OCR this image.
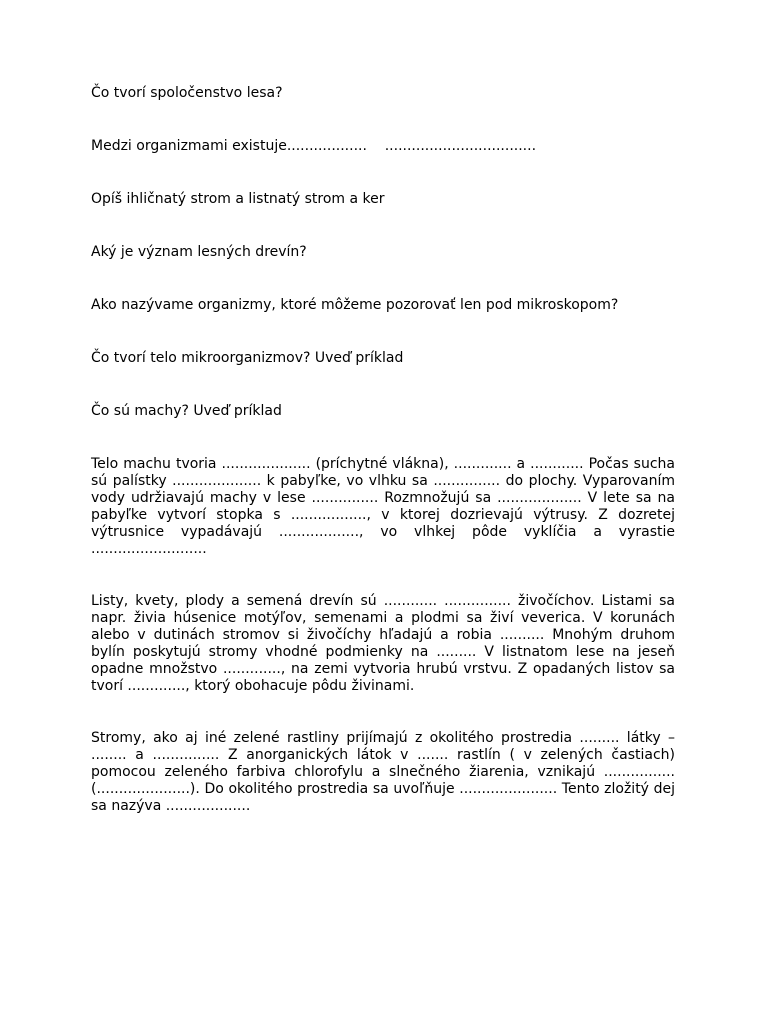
Čo tvorí spoločenstvo lesa?

Medzi organizmami existuje..................    ..................................

Opíš ihličnatý strom a listnatý strom a ker

Aký je význam lesných drevín?

Ako nazývame organizmy, ktoré môžeme pozorovať len pod mikroskopom?

Čo tvorí telo mikroorganizmov? Uveď príklad

Čo sú machy? Uveď príklad

Telo machu tvoria .................... (príchytné vlákna), ............. a ............ Počas sucha sú palístky .................... k pabyľke, vo vlhku sa ............... do plochy. Vyparovaním vody udržiavajú machy v lese ............... Rozmnožujú sa ................... V lete sa na pabyľke vytvorí stopka s ................., v ktorej dozrievajú výtrusy. Z dozretej výtrusnice vypadávajú .................., vo vlhkej pôde vyklíčia a vyrastie ..........................

Listy, kvety, plody a semená drevín sú ............ ............... živočíchov. Listami sa napr. živia húsenice motýľov, semenami a plodmi sa živí veverica. V korunách alebo v dutinách stromov si živočíchy hľadajú a robia .......... Mnohým druhom bylín poskytujú stromy vhodné podmienky na ......... V listnatom lese na jeseň opadne množstvo ............., na zemi vytvoria hrubú vrstvu. Z opadaných listov sa tvorí ............., ktorý obohacuje pôdu živinami.

Stromy, ako aj iné zelené rastliny prijímajú z okolitého prostredia ......... látky – ........ a ............... Z anorganických látok v ....... rastlín ( v zelených častiach) pomocou zeleného farbiva chlorofylu a slnečného žiarenia, vznikajú ................ (.....................). Do okolitého prostredia sa uvoľňuje ...................... Tento zložitý dej sa nazýva ...................
